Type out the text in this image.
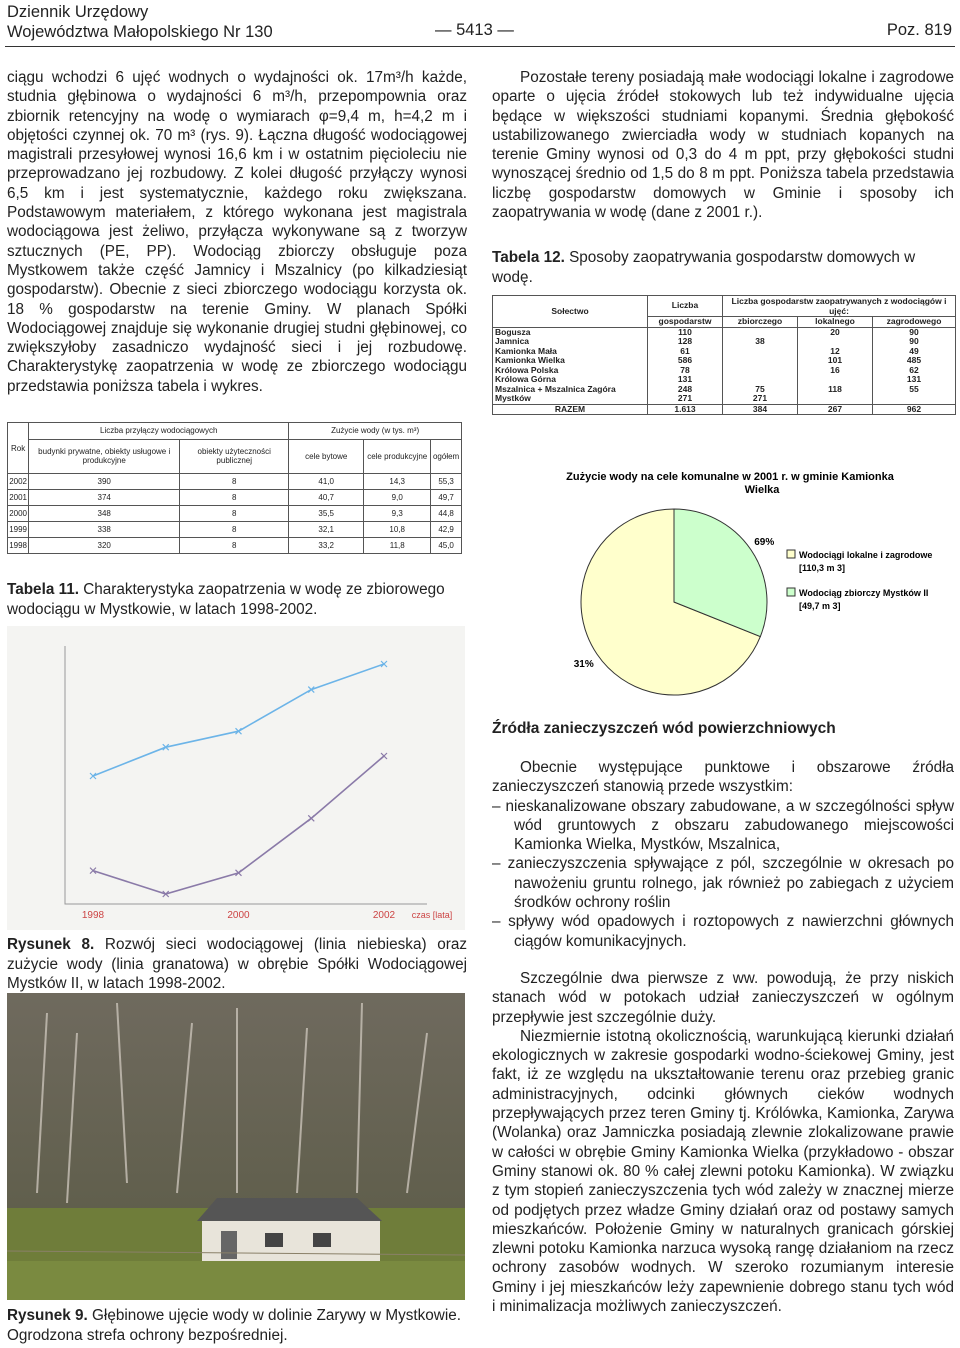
Dziennik Urzędowy
Województwa Małopolskiego Nr 130	— 5413 —	Poz. 819

ciągu wchodzi 6 ujęć wodnych o wydajności ok. 17m³/h każde, studnia głębinowa o wydajności 6 m³/h, przepompownia oraz zbiornik retencyjny na wodę o wymiarach φ=9,4 m, h=4,2 m i objętości czynnej ok. 70 m³ (rys. 9). Łączna długość wodociągowej magistrali przesyłowej wynosi 16,6 km i w ostatnim pięcioleciu nie przeprowadzano jej rozbudowy. Z kolei długość przyłączy wynosi 6,5 km i jest systematycznie, każdego roku zwiększana. Podstawowym materiałem, z którego wykonana jest magistrala wodociągowa jest żeliwo, przyłącza wykonywane są z tworzyw sztucznych (PE, PP). Wodociąg zbiorczy obsługuje poza Mystkowem także część Jamnicy i Mszalnicy (po kilkadziesiąt gospodarstw). Obecnie z sieci zbiorczego wodociągu korzysta ok. 18 % gospodarstw na terenie Gminy. W planach Spółki Wodociągowej znajduje się wykonanie drugiej studni głębinowej, co zwiększyłoby zasadniczo wydajność sieci i jej rozbudowę. Charakterystykę zaopatrzenia w wodę ze zbiorczego wodociągu przedstawia poniższa tabela i wykres.

Rok	Liczba przyłączy wodociągowych		Zużycie wody (w tys. m³)		
	budynki prywatne, obiekty usługowe i produkcyjne	obiekty użyteczności publicznej	cele bytowe	cele produkcyjne	ogółem
2002	390	8	41,0	14,3	55,3
2001	374	8	40,7	9,0	49,7
2000	348	8	35,5	9,3	44,8
1999	338	8	32,1	10,8	42,9
1998	320	8	33,2	11,8	45,0
Tabela 11. Charakterystyka zaopatrzenia w wodę ze zbiorowego wodociągu w Mystkowie, w latach 1998-2002.
1998	2000	2002 czas [lata]
Rysunek 8. Rozwój sieci wodociągowej (linia niebieska) oraz zużycie wody (linia granatowa) w obrębie Spółki Wodociągowej Mystków II, w latach 1998-2002.
Rysunek 9. Głębinowe ujęcie wody w dolinie Zarywy w Mystkowie. Ogrodzona strefa ochrony bezpośredniej.

Pozostałe tereny posiadają małe wodociągi lokalne i zagrodowe oparte o ujęcia źródeł stokowych lub też indywidualne ujęcia będące w większości studniami kopanymi. Średnia głębokość ustabilizowanego zwierciadła wody w studniach kopanych na terenie Gminy wynosi od 0,3 do 4 m ppt, przy głębokości studni wynoszącej średnio od 1,5 do 8 m ppt. Poniższa tabela przedstawia liczbę gospodarstw domowych w Gminie i sposoby ich zaopatrywania w wodę (dane z 2001 r.).

Tabela 12. Sposoby zaopatrywania gospodarstw domowych w wodę.
Sołectwo	Liczba	Liczba gospodarstw zaopatrywanych z wodociągów i ujęć:		
	gospodarstw	zbiorczego	lokalnego	zagrodowego
Bogusza	110		20	90
Jamnica	128	38		90
Kamionka Mała	61		12	49
Kamionka Wielka	586		101	485
Królowa Polska	78		16	62
Królowa Górna	131			131
Mszalnica + Mszalnica Zagóra	248	75	118	55
Mystków	271	271		
RAZEM	1.613	384	267	962
Zużycie wody na cele komunalne w 2001 r. w gminie Kamionka Wielka
31%
69%
Wodociągi lokalne i zagrodowe [110,3 m 3]
Wodociąg zbiorczy Mystków II [49,7 m 3]
Źródła zanieczyszczeń wód powierzchniowych

Obecnie występujące punktowe i obszarowe źródła zanieczyszczeń stanowią przede wszystkim:

– nieskanalizowane obszary zabudowane, a w szczególności spływ wód gruntowych z obszaru zabudowanego miejscowości Kamionka Wielka, Mystków, Mszalnica,

– zanieczyszczenia spływające z pól, szczególnie w okresach po nawożeniu gruntu rolnego, jak również po zabiegach z użyciem środków ochrony roślin

– spływy wód opadowych i roztopowych z nawierzchni głównych ciągów komunikacyjnych.

Szczególnie dwa pierwsze z ww. powodują, że przy niskich stanach wód w potokach udział zanieczyszczeń w ogólnym przepływie jest szczególnie duży.

Niezmiernie istotną okolicznością, warunkującą kierunki działań ekologicznych w zakresie gospodarki wodno-ściekowej Gminy, jest fakt, iż ze względu na ukształtowanie terenu oraz przebieg granic administracyjnych, odcinki głównych cieków wodnych przepływających przez teren Gminy tj. Królówka, Kamionka, Zarywa (Wolanka) oraz Jamniczka posiadają zlewnie zlokalizowane prawie w całości w obrębie Gminy Kamionka Wielka (przykładowo - obszar Gminy stanowi ok. 80 % całej zlewni potoku Kamionka). W związku z tym stopień zanieczyszczenia tych wód zależy w znacznej mierze od podjętych przez władze Gminy działań oraz od postawy samych mieszkańców. Położenie Gminy w naturalnych granicach górskiej zlewni potoku Kamionka narzuca wysoką rangę działaniom na rzecz ochrony zasobów wodnych. W szeroko rozumianym interesie Gminy i jej mieszkańców leży zapewnienie dobrego stanu tych wód i minimalizacja możliwych zanieczyszczeń.
